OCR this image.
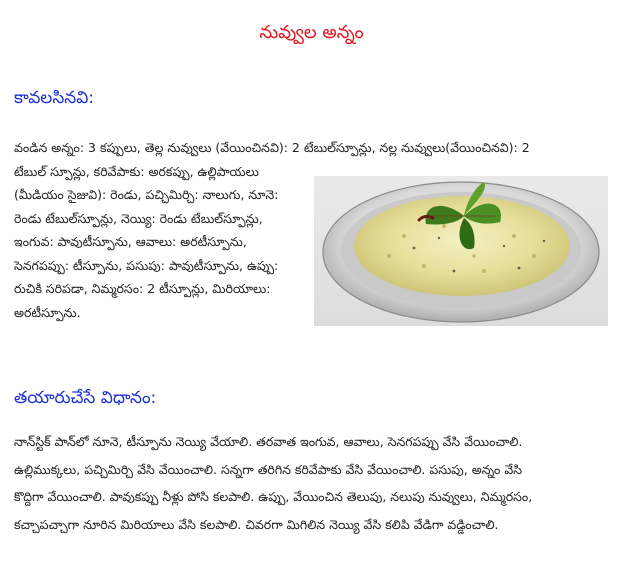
నువ్వుల అన్నం
కావలసినవి:
వండిన అన్నం: 3 కప్పులు, తెల్ల నువ్వులు (వేయించినవి): 2 టేబుల్‌స్పూన్లు, నల్ల నువ్వులు(వేయించినవి): 2
టేబుల్ స్పూన్లు, కరివేపాకు: అరకప్పు, ఉల్లిపాయలు
(మీడియం సైజువి): రెండు, పచ్చిమిర్చి: నాలుగు, నూనె:
రెండు టేబుల్‌స్పూన్లు, నెయ్యి: రెండు టేబుల్‌స్పూన్లు,
ఇంగువ: పావుటీస్పూను, ఆవాలు: అరటీస్పూను,
సెనగపప్పు: టీస్పూను, పసుపు: పావుటీస్పూను, ఉప్పు:
రుచికి సరిపడా, నిమ్మరసం: 2 టీస్పూన్లు, మిరియాలు:
అరటీస్పూను.
తయారుచేసే విధానం:
నాన్‌స్టిక్ పాన్‌లో నూనె, టీస్పూను నెయ్యి వేయాలి. తరవాత ఇంగువ, ఆవాలు, సెనగపప్పు వేసి వేయించాలి.
ఉల్లిముక్కలు, పచ్చిమిర్చి వేసి వేయించాలి. సన్నగా తరిగిన కరివేపాకు వేసి వేయించాలి. పసుపు, అన్నం వేసి
కొద్దిగా వేయించాలి. పావుకప్పు నీళ్లు పోసి కలపాలి. ఉప్పు, వేయించిన తెలుపు, నలుపు నువ్వులు, నిమ్మరసం,
కచ్చాపచ్చాగా నూరిన మిరియాలు వేసి కలపాలి. చివరగా మిగిలిన నెయ్యి వేసి కలిపి వేడిగా వడ్డించాలి.
